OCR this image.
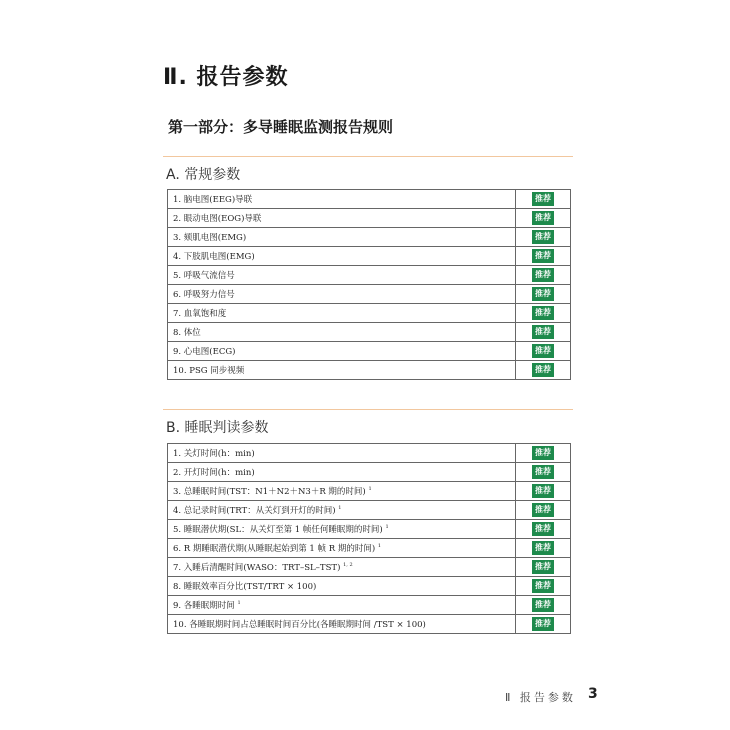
Ⅱ. 报告参数
第一部分：多导睡眠监测报告规则
A. 常规参数
1. 脑电图(EEG)导联	推荐
2. 眼动电图(EOG)导联	推荐
3. 颏肌电图(EMG)	推荐
4. 下肢肌电图(EMG)	推荐
5. 呼吸气流信号	推荐
6. 呼吸努力信号	推荐
7. 血氧饱和度	推荐
8. 体位	推荐
9. 心电图(ECG)	推荐
10. PSG 同步视频	推荐
B. 睡眠判读参数
1. 关灯时间(h：min)	推荐
2. 开灯时间(h：min)	推荐
3. 总睡眠时间(TST：N1＋N2＋N3＋R 期的时间) $^1$	推荐
4. 总记录时间(TRT：从关灯到开灯的时间) $^1$	推荐
5. 睡眠潜伏期(SL：从关灯至第 1 帧任何睡眠期的时间) $^1$	推荐
6. R 期睡眠潜伏期(从睡眠起始到第 1 帧 R 期的时间) $^1$	推荐
7. 入睡后清醒时间(WASO：TRT–SL–TST) $^{1, 2}$	推荐
8. 睡眠效率百分比(TST/TRT × 100)	推荐
9. 各睡眠期时间 $^1$	推荐
10. 各睡眠期时间占总睡眠时间百分比(各睡眠期时间 /TST × 100)	推荐
Ⅱ 报告参数 3
